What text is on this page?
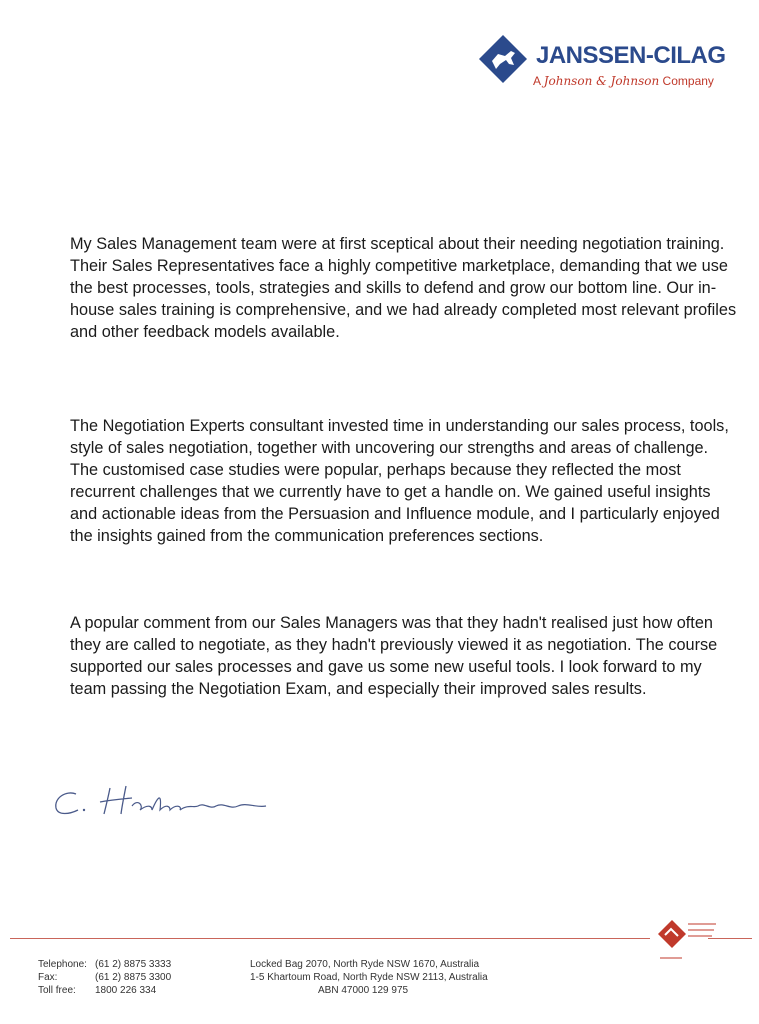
JANSSEN-CILAG
A Johnson & Johnson Company

My Sales Management team were at first sceptical about their needing negotiation training. Their Sales Representatives face a highly competitive marketplace, demanding that we use the best processes, tools, strategies and skills to defend and grow our bottom line. Our in-house sales training is comprehensive, and we had already completed most relevant profiles and other feedback models available.

The Negotiation Experts consultant invested time in understanding our sales process, tools, style of sales negotiation, together with uncovering our strengths and areas of challenge. The customised case studies were popular, perhaps because they reflected the most recurrent challenges that we currently have to get a handle on. We gained useful insights and actionable ideas from the Persuasion and Influence module, and I particularly enjoyed the insights gained from the communication preferences sections.

A popular comment from our Sales Managers was that they hadn't realised just how often they are called to negotiate, as they hadn't previously viewed it as negotiation. The course supported our sales processes and gave us some new useful tools. I look forward to my team passing the Negotiation Exam, and especially their improved sales results.

Telephone: (61 2) 8875 3333
Fax:	(61 2) 8875 3300
Toll free:	1800 226 334
Locked Bag 2070, North Ryde NSW 1670, Australia
1-5 Khartoum Road, North Ryde NSW 2113, Australia
ABN 47000 129 975
